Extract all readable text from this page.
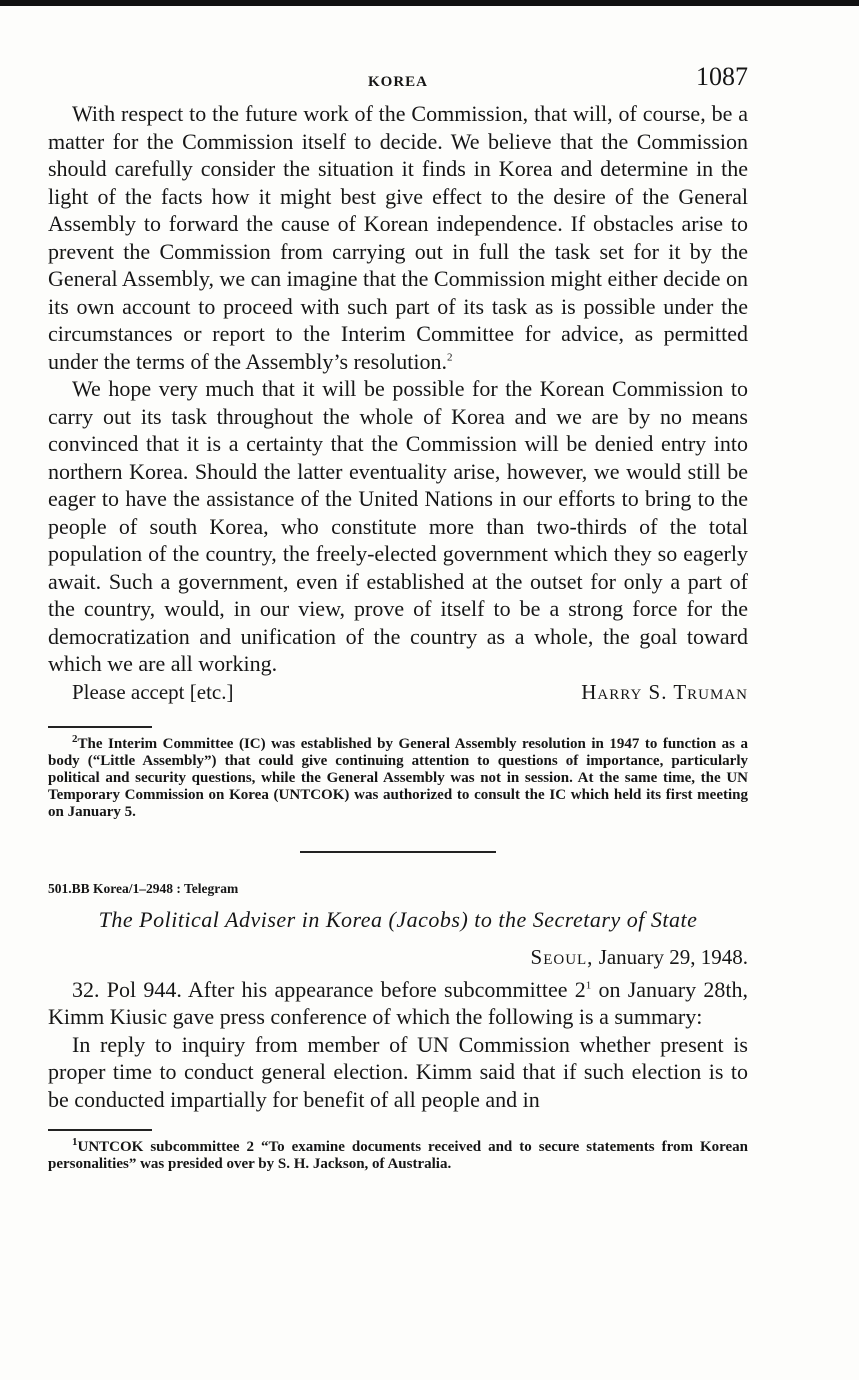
KOREA	1087

With respect to the future work of the Commission, that will, of course, be a matter for the Commission itself to decide. We believe that the Commission should carefully consider the situation it finds in Korea and determine in the light of the facts how it might best give effect to the desire of the General Assembly to forward the cause of Korean independence. If obstacles arise to prevent the Commission from carrying out in full the task set for it by the General Assembly, we can imagine that the Commission might either decide on its own account to proceed with such part of its task as is possible under the circumstances or report to the Interim Committee for advice, as permitted under the terms of the Assembly’s resolution.$^2$

We hope very much that it will be possible for the Korean Commission to carry out its task throughout the whole of Korea and we are by no means convinced that it is a certainty that the Commission will be denied entry into northern Korea. Should the latter eventuality arise, however, we would still be eager to have the assistance of the United Nations in our efforts to bring to the people of south Korea, who constitute more than two-thirds of the total population of the country, the freely-elected government which they so eagerly await. Such a government, even if established at the outset for only a part of the country, would, in our view, prove of itself to be a strong force for the democratization and unification of the country as a whole, the goal toward which we are all working.

Please accept [etc.]	Harry S. Truman

$^2$The Interim Committee (IC) was established by General Assembly resolution in 1947 to function as a body (“Little Assembly”) that could give continuing attention to questions of importance, particularly political and security questions, while the General Assembly was not in session. At the same time, the UN Temporary Commission on Korea (UNTCOK) was authorized to consult the IC which held its first meeting on January 5.

501.BB Korea/1–2948 : Telegram
The Political Adviser in Korea (Jacobs) to the Secretary of State
Seoul, January 29, 1948.

32. Pol 944. After his appearance before subcommittee $2^1$ on January 28th, Kimm Kiusic gave press conference of which the following is a summary:

In reply to inquiry from member of UN Commission whether present is proper time to conduct general election. Kimm said that if such election is to be conducted impartially for benefit of all people and in

$^1$UNTCOK subcommittee 2 “To examine documents received and to secure statements from Korean personalities” was presided over by S. H. Jackson, of Australia.
